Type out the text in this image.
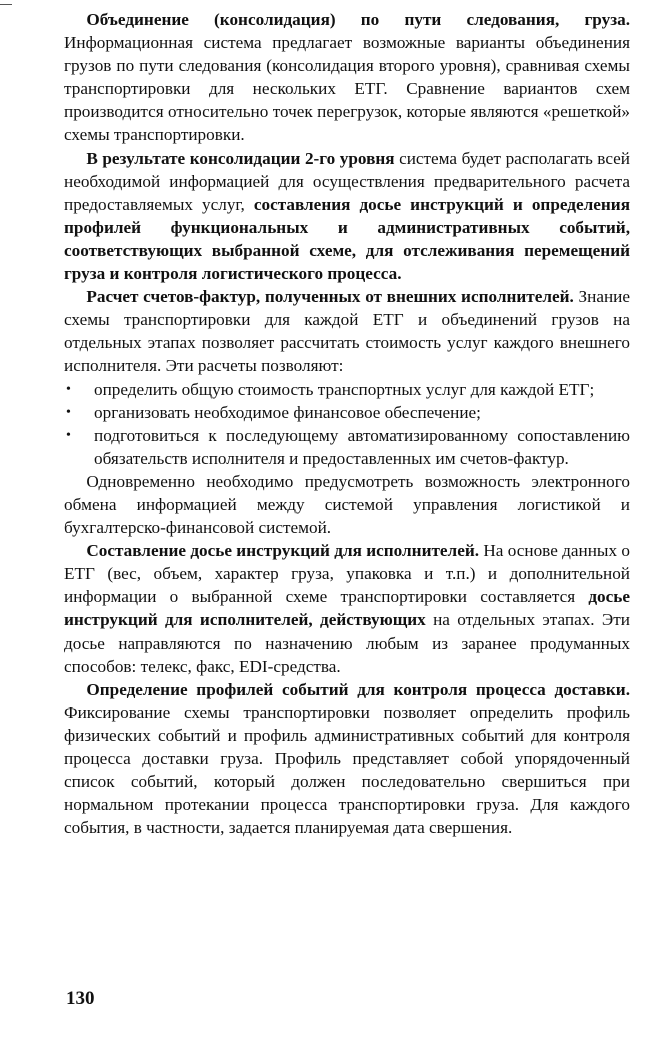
Объединение (консолидация) по пути следования, груза. Информационная система предлагает возможные варианты объединения грузов по пути следования (консолидация второго уровня), сравнивая схемы транспортировки для нескольких ЕТГ. Сравнение вариантов схем производится относительно точек перегрузок, которые являются «решеткой» схемы транспортировки.

В результате консолидации 2-го уровня система будет располагать всей необходимой информацией для осуществления предварительного расчета предоставляемых услуг, составления досье инструкций и определения профилей функциональных и административных событий, соответствующих выбранной схеме, для отслеживания перемещений груза и контроля логистического процесса.

Расчет счетов-фактур, полученных от внешних исполнителей. Знание схемы транспортировки для каждой ЕТГ и объединений грузов на отдельных этапах позволяет рассчитать стоимость услуг каждого внешнего исполнителя. Эти расчеты позволяют:

• определить общую стоимость транспортных услуг для каждой ЕТГ;
• организовать необходимое финансовое обеспечение;
• подготовиться к последующему автоматизированному сопоставлению обязательств исполнителя и предоставленных им счетов-фактур.

Одновременно необходимо предусмотреть возможность электронного обмена информацией между системой управления логистикой и бухгалтерско-финансовой системой.

Составление досье инструкций для исполнителей. На основе данных о ЕТГ (вес, объем, характер груза, упаковка и т.п.) и дополнительной информации о выбранной схеме транспортировки составляется досье инструкций для исполнителей, действующих на отдельных этапах. Эти досье направляются по назначению любым из заранее продуманных способов: телекс, факс, EDI-средства.

Определение профилей событий для контроля процесса доставки. Фиксирование схемы транспортировки позволяет определить профиль физических событий и профиль административных событий для контроля процесса доставки груза. Профиль представляет собой упорядоченный список событий, который должен последовательно свершиться при нормальном протекании процесса транспортировки груза. Для каждого события, в частности, задается планируемая дата свершения.

130
